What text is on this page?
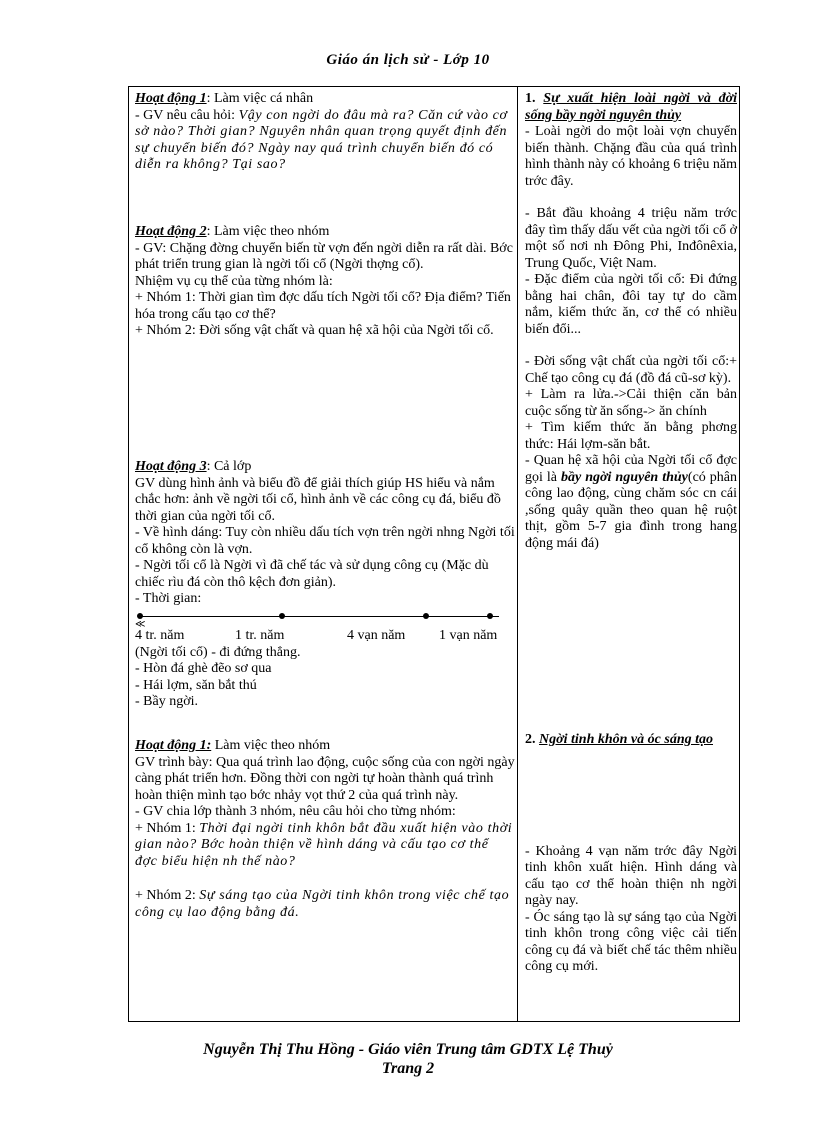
Giáo án lịch sử - Lớp 10

Hoạt động 1: Làm việc cá nhân

- GV nêu câu hỏi: Vậy con ngời do đâu mà ra? Căn cứ vào cơ sở nào? Thời gian? Nguyên nhân quan trọng quyết định đến sự chuyển biến đó? Ngày nay quá trình chuyển biến đó có diễn ra không? Tại sao?

Hoạt động 2: Làm việc theo nhóm

- GV: Chặng đờng chuyển biến từ vợn đến ngời diễn ra rất dài. Bớc phát triển trung gian là ngời tối cổ (Ngời thợng cổ).

Nhiệm vụ cụ thể của từng nhóm là:

+ Nhóm 1: Thời gian tìm đợc dấu tích Ngời tối cổ? Địa điểm? Tiến hóa trong cấu tạo cơ thể?

+ Nhóm 2: Đời sống vật chất và quan hệ xã hội của Ngời tối cổ.

Hoạt động 3: Cả lớp

GV dùng hình ảnh và biểu đồ để giải thích giúp HS hiểu và nắm chắc hơn: ảnh về ngời tối cổ, hình ảnh về các công cụ đá, biểu đồ thời gian của ngời tối cổ.

- Về hình dáng: Tuy còn nhiều dấu tích vợn trên ngời nhng Ngời tối cổ không còn là vợn.

- Ngời tối cổ là Ngời vì đã chế tác và sử dụng công cụ (Mặc dù chiếc rìu đá còn thô kệch đơn giản).

- Thời gian:

≪
4 tr. năm	1 tr. năm	4 vạn năm 1 vạn năm

(Ngời tối cổ) - đi đứng thẳng.

- Hòn đá ghè đẽo sơ qua

- Hái lợm, săn bắt thú

- Bầy ngời.

Hoạt động 1: Làm việc theo nhóm

GV trình bày: Qua quá trình lao động, cuộc sống của con ngời ngày càng phát triển hơn. Đồng thời con ngời tự hoàn thành quá trình hoàn thiện mình tạo bớc nhảy vọt thứ 2 của quá trình này.

- GV chia lớp thành 3 nhóm, nêu câu hỏi cho từng nhóm:

+ Nhóm 1: Thời đại ngời tinh khôn bắt đầu xuất hiện vào thời gian nào? Bớc hoàn thiện về hình dáng và cấu tạo cơ thể đợc biểu hiện nh thế nào?

+ Nhóm 2: Sự sáng tạo của Ngời tinh khôn trong việc chế tạo công cụ lao động bằng đá.

1. Sự xuất hiện loài ngời và đời sống bầy ngời nguyên thủy

- Loài ngời do một loài vợn chuyển biến thành. Chặng đầu của quá trình hình thành này có khoảng 6 triệu năm trớc đây.

- Bắt đầu khoảng 4 triệu năm trớc đây tìm thấy dấu vết của ngời tối cổ ở một số nơi nh Đông Phi, Inđônêxia, Trung Quốc, Việt Nam.

- Đặc điểm của ngời tối cổ: Đi đứng bằng hai chân, đôi tay tự do cầm nắm, kiếm thức ăn, cơ thể có nhiều biến đổi...

- Đời sống vật chất của ngời tối cổ:+ Chế tạo công cụ đá (đồ đá cũ-sơ kỳ).

+ Làm ra lửa.->Cải thiện căn bản cuộc sống từ ăn sống-> ăn chính

+ Tìm kiếm thức ăn bằng phơng thức: Hái lợm-săn bắt.

- Quan hệ xã hội của Ngời tối cổ đợc gọi là bầy ngời nguyên thủy(có phân công lao động, cùng chăm sóc cn cái ,sống quây quần theo quan hệ ruột thịt, gồm 5-7 gia đình trong hang động mái đá)

2. Ngời tinh khôn và óc sáng tạo

- Khoảng 4 vạn năm trớc đây Ngời tinh khôn xuất hiện. Hình dáng và cấu tạo cơ thể hoàn thiện nh ngời ngày nay.

- Óc sáng tạo là sự sáng tạo của Ngời tinh khôn trong công việc cải tiến công cụ đá và biết chế tác thêm nhiều công cụ mới.

Nguyễn Thị Thu Hồng - Giáo viên Trung tâm GDTX Lệ Thuỷ
Trang 2
